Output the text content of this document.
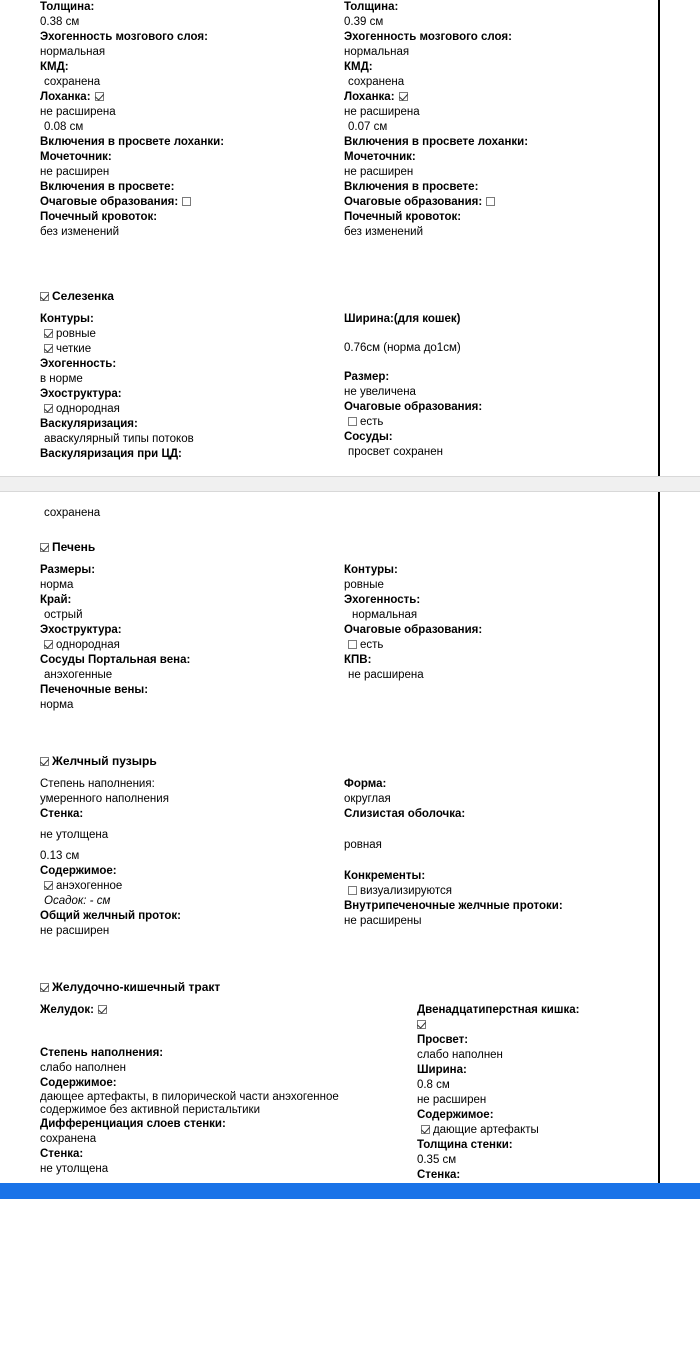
Толщина:
0.38 см
Эхогенность мозгового слоя:
нормальная
КМД:
сохранена
Лоханка:
не расширена
0.08 см
Включения в просвете лоханки:
Мочеточник:
не расширен
Включения в просвете:
Очаговые образования:
Почечный кровоток:
без изменений
Толщина:
0.39 см
Эхогенность мозгового слоя:
нормальная
КМД:
сохранена
Лоханка:
не расширена
0.07 см
Включения в просвете лоханки:
Мочеточник:
не расширен
Включения в просвете:
Очаговые образования:
Почечный кровоток:
без изменений
Селезенка
Контуры:
ровные
четкие
Эхогенность:
в норме
Эхоструктура:
однородная
Васкуляризация:
аваскулярный типы потоков
Васкуляризация при ЦД:
Ширина:(для кошек)
0.76см (норма до1см)
Размер:
не увеличена
Очаговые образования:
есть
Сосуды:
просвет сохранен
сохранена
Печень
Размеры:
норма
Край:
острый
Эхоструктура:
однородная
Сосуды Портальная вена:
анэхогенные
Печеночные вены:
норма
Контуры:
ровные
Эхогенность:
нормальная
Очаговые образования:
есть
КПВ:
не расширена
Желчный пузырь
Степень наполнения:
умеренного наполнения
Стенка:
не утолщена
0.13 см
Содержимое:
анэхогенное
Осадок: - см
Общий желчный проток:
не расширен
Форма:
округлая
Слизистая оболочка:
ровная
Конкременты:
визуализируются
Внутрипеченочные желчные протоки:
не расширены
Желудочно-кишечный тракт
Желудок:
Степень наполнения:
слабо наполнен
Содержимое:
дающее артефакты, в пилорической части анэхогенное содержимое без активной перистальтики
Дифференциация слоев стенки:
сохранена
Стенка:
не утолщена
Двенадцатиперстная кишка:
Просвет:
слабо наполнен
Ширина:
0.8 см
не расширен
Содержимое:
дающие артефакты
Толщина стенки:
0.35 см
Стенка:
